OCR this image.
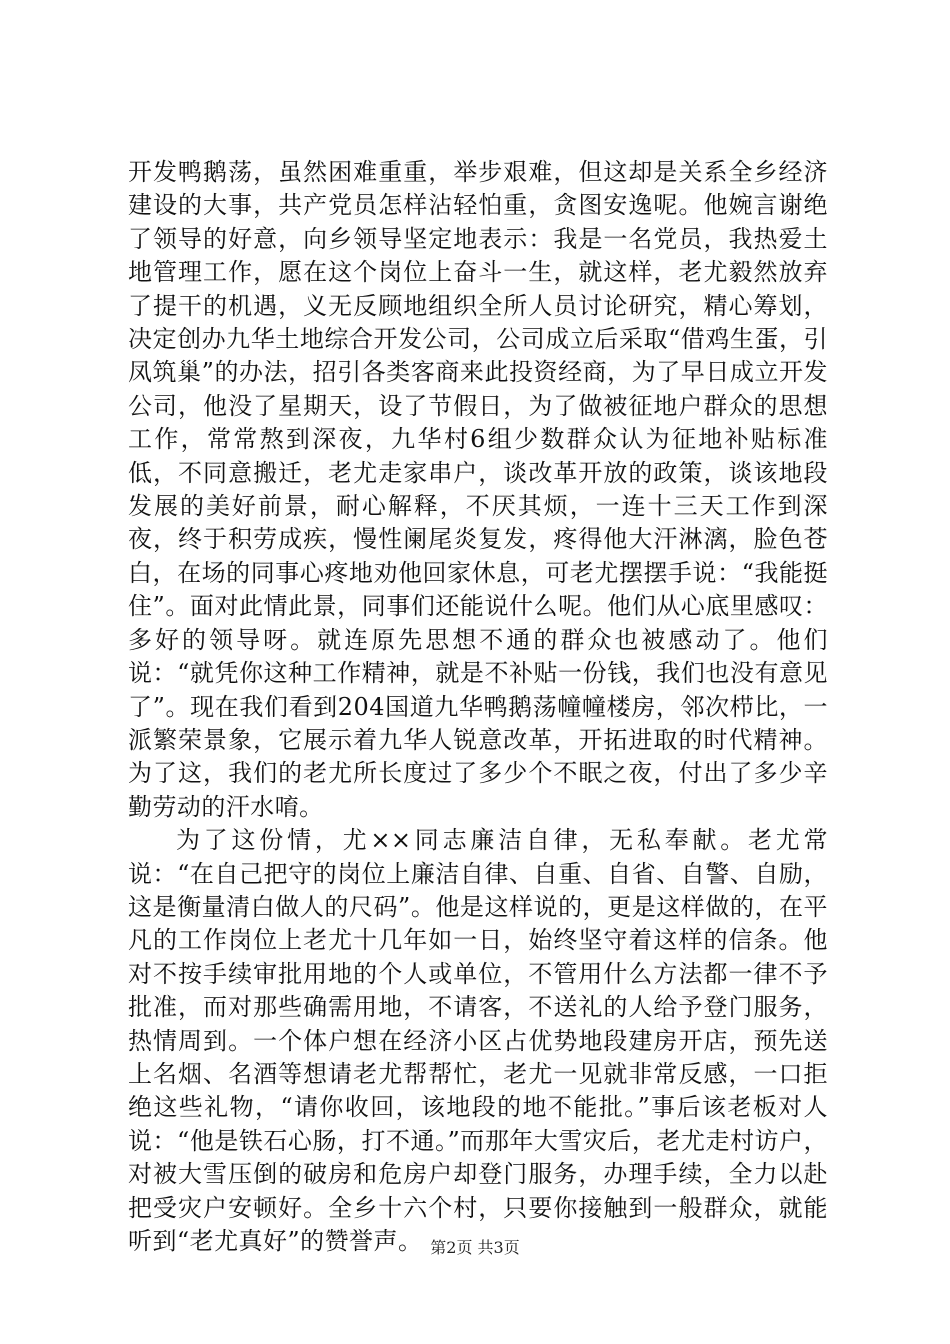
开发鸭鹅荡，虽然困难重重，举步艰难，但这却是关系全乡经济建设的大事，共产党员怎样沾轻怕重，贪图安逸呢。他婉言谢绝了领导的好意，向乡领导坚定地表示：我是一名党员，我热爱土地管理工作，愿在这个岗位上奋斗一生，就这样，老尤毅然放弃了提干的机遇，义无反顾地组织全所人员讨论研究，精心筹划，决定创办九华土地综合开发公司，公司成立后采取“借鸡生蛋，引凤筑巢”的办法，招引各类客商来此投资经商，为了早日成立开发公司，他没了星期天，设了节假日，为了做被征地户群众的思想工作，常常熬到深夜，九华村6组少数群众认为征地补贴标准低，不同意搬迁，老尤走家串户，谈改革开放的政策，谈该地段发展的美好前景，耐心解释，不厌其烦，一连十三天工作到深夜，终于积劳成疾，慢性阑尾炎复发，疼得他大汗淋漓，脸色苍白，在场的同事心疼地劝他回家休息，可老尤摆摆手说：“我能挺住”。面对此情此景，同事们还能说什么呢。他们从心底里感叹：多好的领导呀。就连原先思想不通的群众也被感动了。他们说：“就凭你这种工作精神，就是不补贴一份钱，我们也没有意见了”。现在我们看到204国道九华鸭鹅荡幢幢楼房，邻次栉比，一派繁荣景象，它展示着九华人锐意改革，开拓进取的时代精神。为了这，我们的老尤所长度过了多少个不眠之夜，付出了多少辛勤劳动的汗水唷。

为了这份情，尤××同志廉洁自律，无私奉献。老尤常说：“在自己把守的岗位上廉洁自律、自重、自省、自警、自励，这是衡量清白做人的尺码”。他是这样说的，更是这样做的，在平凡的工作岗位上老尤十几年如一日，始终坚守着这样的信条。他对不按手续审批用地的个人或单位，不管用什么方法都一律不予批准，而对那些确需用地，不请客，不送礼的人给予登门服务，热情周到。一个体户想在经济小区占优势地段建房开店，预先送上名烟、名酒等想请老尤帮帮忙，老尤一见就非常反感，一口拒绝这些礼物，“请你收回，该地段的地不能批。”事后该老板对人说：“他是铁石心肠，打不通。”而那年大雪灾后，老尤走村访户，对被大雪压倒的破房和危房户却登门服务，办理手续，全力以赴把受灾户安顿好。全乡十六个村，只要你接触到一般群众，就能听到“老尤真好”的赞誉声。 第2页 共3页
